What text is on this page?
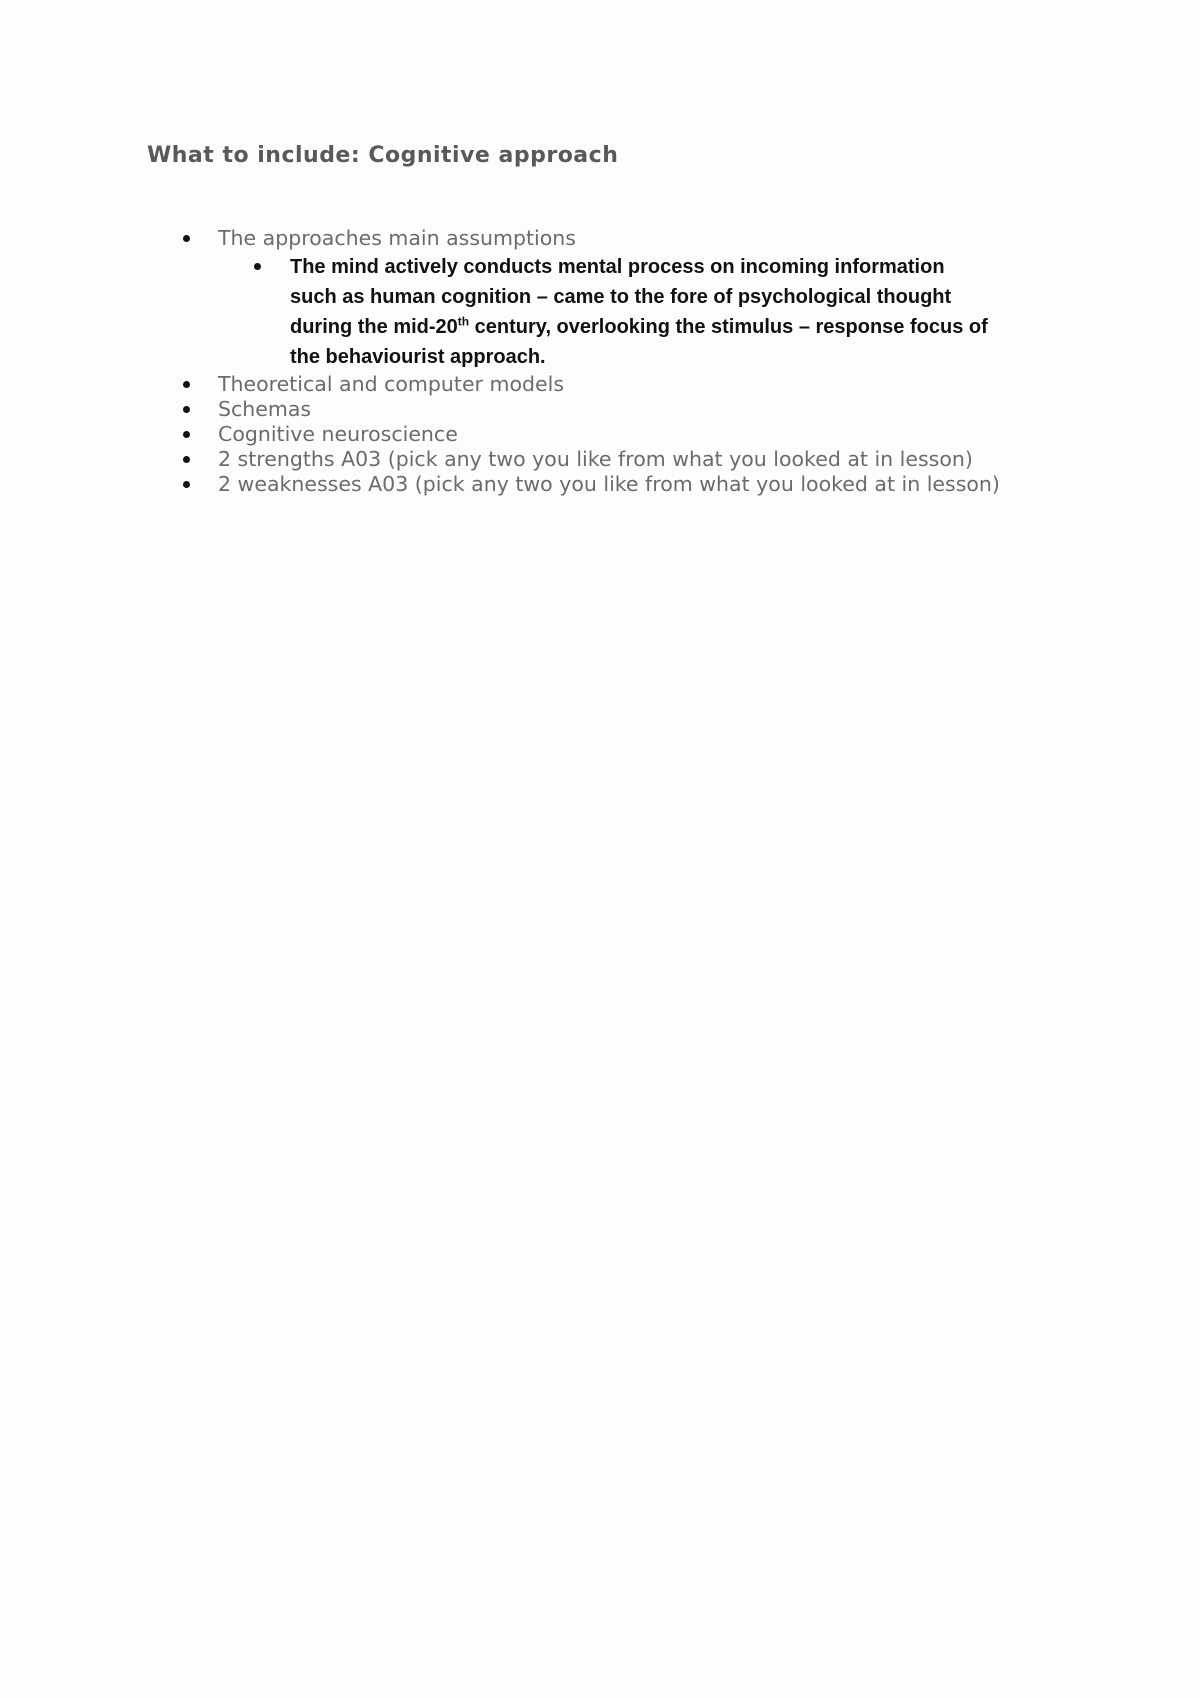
What to include: Cognitive approach
The approaches main assumptions
The mind actively conducts mental process on incoming information such as human cognition – came to the fore of psychological thought during the mid-20th century, overlooking the stimulus – response focus of the behaviourist approach.
Theoretical and computer models
Schemas
Cognitive neuroscience
2 strengths A03 (pick any two you like from what you looked at in lesson)
2 weaknesses A03 (pick any two you like from what you looked at in lesson)
